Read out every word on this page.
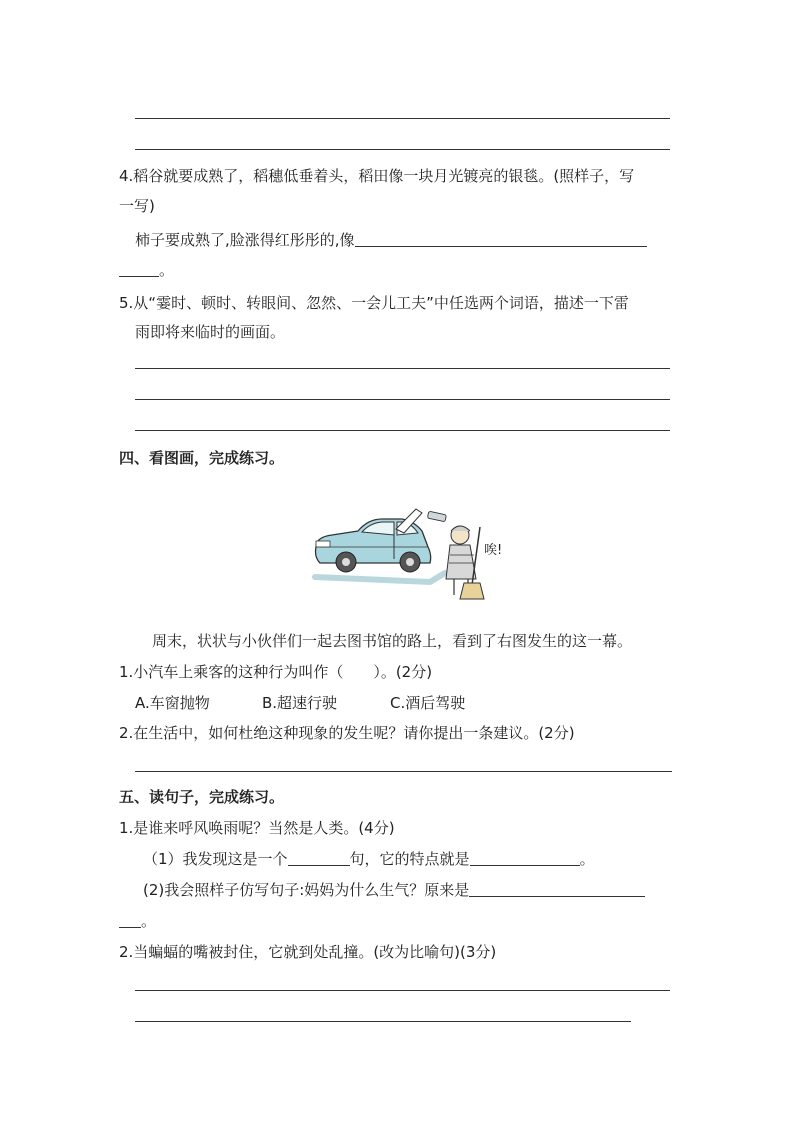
4.稻谷就要成熟了，稻穗低垂着头，稻田像一块月光镀亮的银毯。(照样子，写
一写)
柿子要成熟了,脸涨得红彤彤的,像
。
5.从“霎时、顿时、转眼间、忽然、一会儿工夫”中任选两个词语，描述一下雷
雨即将来临时的画面。
四、看图画，完成练习。
唉!
周末，状状与小伙伴们一起去图书馆的路上，看到了右图发生的这一幕。
1.小汽车上乘客的这种行为叫作（　　）。(2分)
A.车窗抛物	B.超速行驶	C.酒后驾驶
2.在生活中，如何杜绝这种现象的发生呢？请你提出一条建议。(2分)
五、读句子，完成练习。
1.是谁来呼风唤雨呢？当然是人类。(4分)
（1）我发现这是一个	句，它的特点就是	。
(2)我会照样子仿写句子:妈妈为什么生气？原来是
。
2.当蝙蝠的嘴被封住，它就到处乱撞。(改为比喻句)(3分)
